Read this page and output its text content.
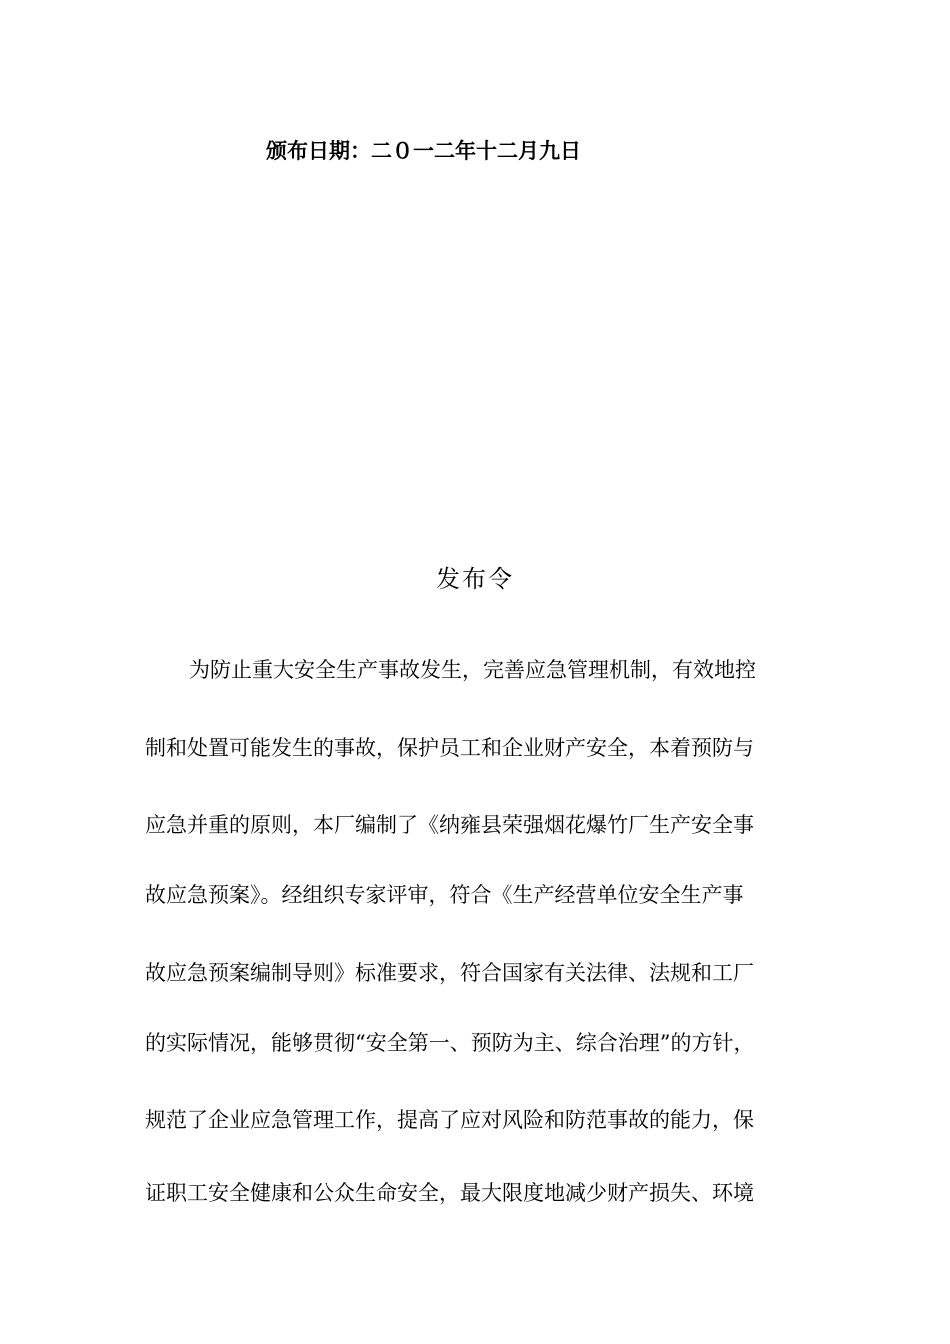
颁布日期：二０一二年十二月九日
发布令
为防止重大安全生产事故发生，完善应急管理机制，有效地控
制和处置可能发生的事故，保护员工和企业财产安全，本着预防与
应急并重的原则，本厂编制了《纳雍县荣强烟花爆竹厂生产安全事
故应急预案》。经组织专家评审，符合《生产经营单位安全生产事
故应急预案编制导则》标准要求，符合国家有关法律、法规和工厂
的实际情况，能够贯彻“安全第一、预防为主、综合治理”的方针，
规范了企业应急管理工作，提高了应对风险和防范事故的能力，保
证职工安全健康和公众生命安全，最大限度地减少财产损失、环境
